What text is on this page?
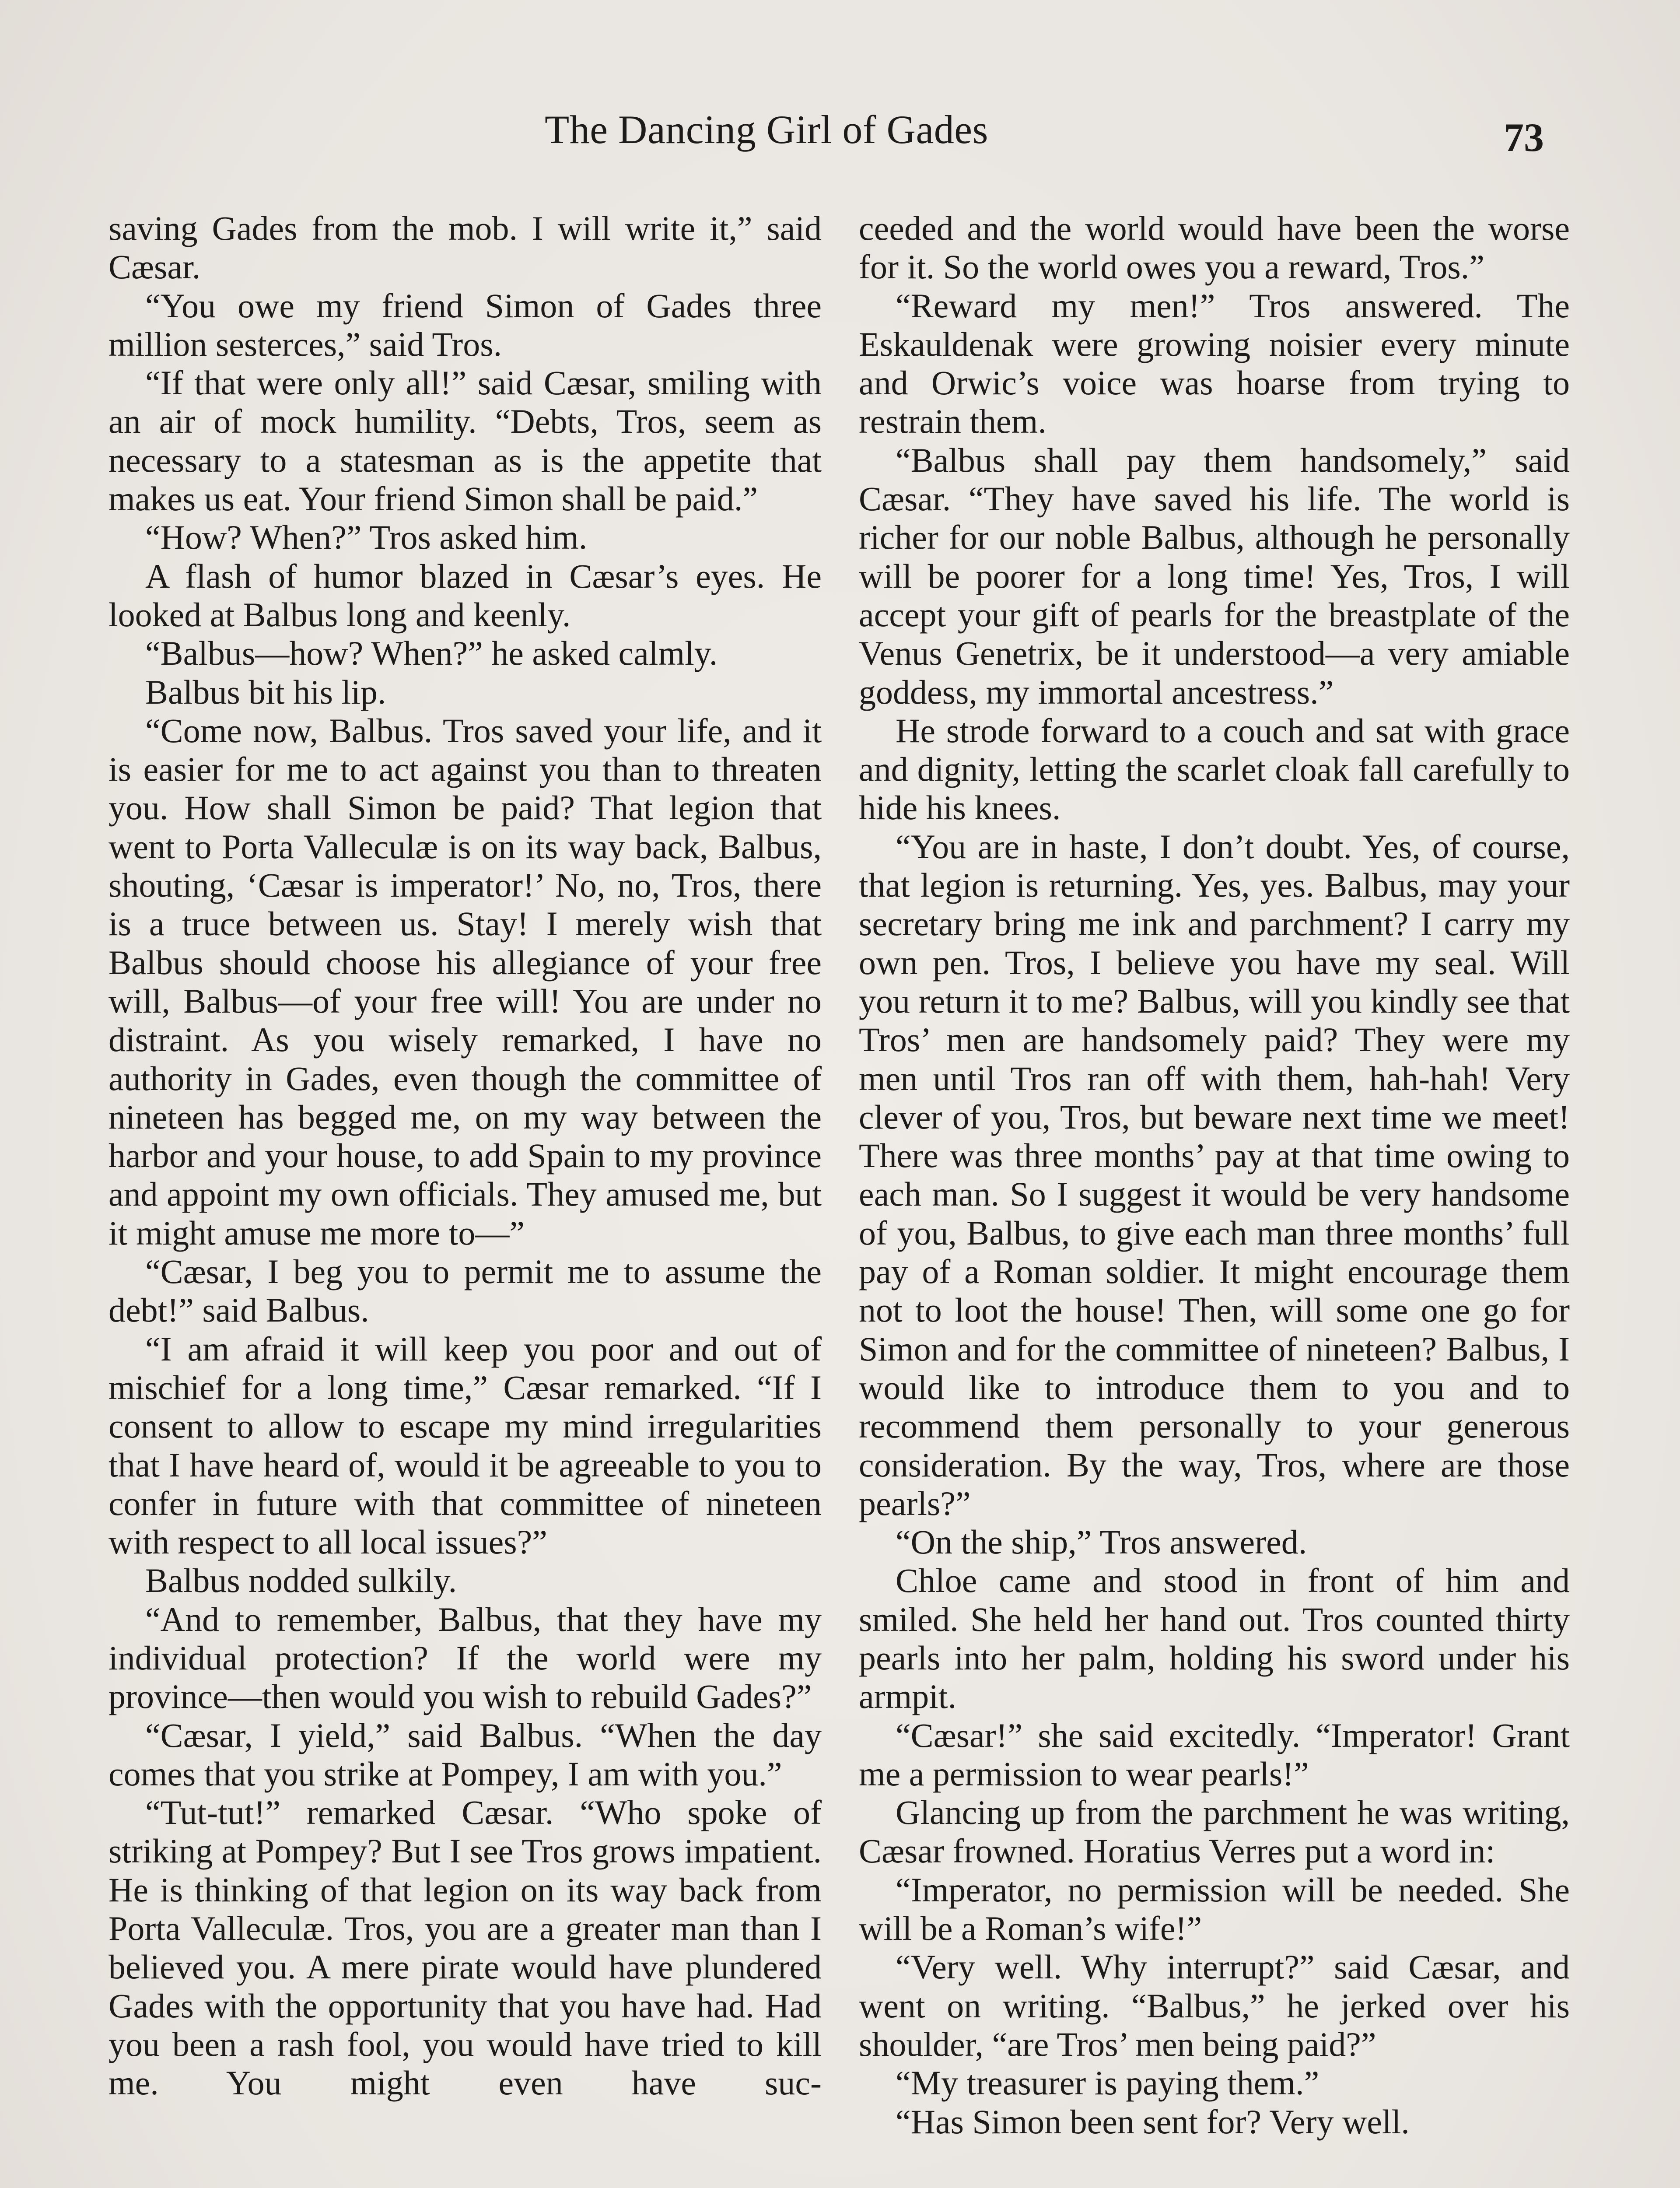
The Dancing Girl of Gades	73

saving Gades from the mob. I will write it,” said Cæsar.

“You owe my friend Simon of Gades three million sesterces,” said Tros.

“If that were only all!” said Cæsar, smiling with an air of mock humility. “Debts, Tros, seem as necessary to a statesman as is the appetite that makes us eat. Your friend Simon shall be paid.”

“How? When?” Tros asked him.

A flash of humor blazed in Cæsar’s eyes. He looked at Balbus long and keenly.

“Balbus—how? When?” he asked calmly.

Balbus bit his lip.

“Come now, Balbus. Tros saved your life, and it is easier for me to act against you than to threaten you. How shall Simon be paid? That legion that went to Porta Valleculæ is on its way back, Balbus, shouting, ‘Cæsar is imperator!’ No, no, Tros, there is a truce between us. Stay! I merely wish that Balbus should choose his allegiance of your free will, Balbus—of your free will! You are under no distraint. As you wisely remarked, I have no authority in Gades, even though the committee of nineteen has begged me, on my way between the harbor and your house, to add Spain to my province and appoint my own officials. They amused me, but it might amuse me more to—”

“Cæsar, I beg you to permit me to assume the debt!” said Balbus.

“I am afraid it will keep you poor and out of mischief for a long time,” Cæsar remarked. “If I consent to allow to escape my mind irregularities that I have heard of, would it be agreeable to you to confer in future with that committee of nineteen with respect to all local issues?”

Balbus nodded sulkily.

“And to remember, Balbus, that they have my individual protection? If the world were my province—then would you wish to rebuild Gades?”

“Cæsar, I yield,” said Balbus. “When the day comes that you strike at Pompey, I am with you.”

“Tut-tut!” remarked Cæsar. “Who spoke of striking at Pompey? But I see Tros grows impatient. He is thinking of that legion on its way back from Porta Valleculæ. Tros, you are a greater man than I believed you. A mere pirate would have plundered Gades with the opportunity that you have had. Had you been a rash fool, you would have tried to kill me. You might even have suc-

ceeded and the world would have been the worse for it. So the world owes you a reward, Tros.”

“Reward my men!” Tros answered. The Eskauldenak were growing noisier every minute and Orwic’s voice was hoarse from trying to restrain them.

“Balbus shall pay them handsomely,” said Cæsar. “They have saved his life. The world is richer for our noble Balbus, although he personally will be poorer for a long time! Yes, Tros, I will accept your gift of pearls for the breastplate of the Venus Genetrix, be it understood—a very amiable goddess, my immortal ancestress.”

He strode forward to a couch and sat with grace and dignity, letting the scarlet cloak fall carefully to hide his knees.

“You are in haste, I don’t doubt. Yes, of course, that legion is returning. Yes, yes. Balbus, may your secretary bring me ink and parchment? I carry my own pen. Tros, I believe you have my seal. Will you return it to me? Balbus, will you kindly see that Tros’ men are handsomely paid? They were my men until Tros ran off with them, hah-hah! Very clever of you, Tros, but beware next time we meet! There was three months’ pay at that time owing to each man. So I suggest it would be very handsome of you, Balbus, to give each man three months’ full pay of a Roman soldier. It might encourage them not to loot the house! Then, will some one go for Simon and for the committee of nineteen? Balbus, I would like to introduce them to you and to recommend them personally to your generous consideration. By the way, Tros, where are those pearls?”

“On the ship,” Tros answered.

Chloe came and stood in front of him and smiled. She held her hand out. Tros counted thirty pearls into her palm, holding his sword under his armpit.

“Cæsar!” she said excitedly. “Imperator! Grant me a permission to wear pearls!”

Glancing up from the parchment he was writing, Cæsar frowned. Horatius Verres put a word in:

“Imperator, no permission will be needed. She will be a Roman’s wife!”

“Very well. Why interrupt?” said Cæsar, and went on writing. “Balbus,” he jerked over his shoulder, “are Tros’ men being paid?”

“My treasurer is paying them.”

“Has Simon been sent for? Very well.
